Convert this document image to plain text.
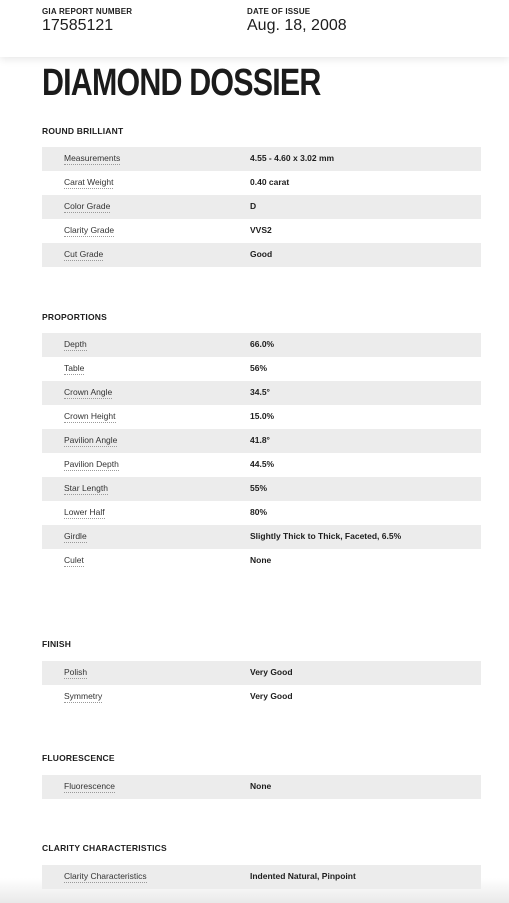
GIA REPORT NUMBER
17585121
DATE OF ISSUE
Aug. 18, 2008
DIAMOND DOSSIER
ROUND BRILLIANT
Measurements	4.55 - 4.60 x 3.02 mm
Carat Weight	0.40 carat
Color Grade	D
Clarity Grade	VVS2
Cut Grade	Good
PROPORTIONS
Depth	66.0%
Table	56%
Crown Angle	34.5°
Crown Height	15.0%
Pavilion Angle	41.8°
Pavilion Depth	44.5%
Star Length	55%
Lower Half	80%
Girdle	Slightly Thick to Thick, Faceted, 6.5%
Culet	None
FINISH
Polish	Very Good
Symmetry	Very Good
FLUORESCENCE
Fluorescence	None
CLARITY CHARACTERISTICS
Clarity Characteristics	Indented Natural, Pinpoint
